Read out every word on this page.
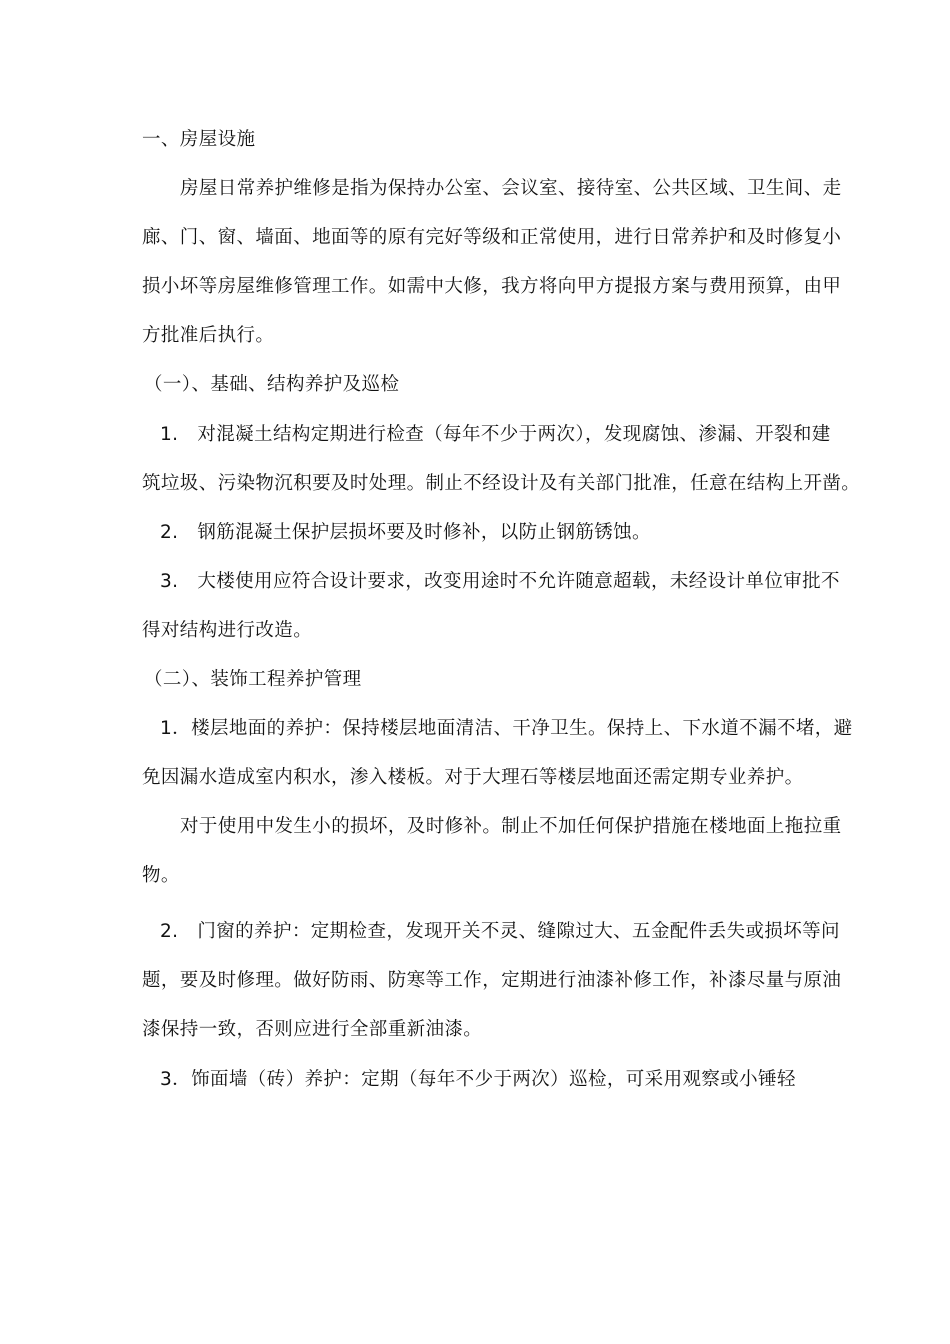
一、房屋设施
房屋日常养护维修是指为保持办公室、会议室、接待室、公共区域、卫生间、走
廊、门、窗、墙面、地面等的原有完好等级和正常使用，进行日常养护和及时修复小
损小坏等房屋维修管理工作。如需中大修，我方将向甲方提报方案与费用预算，由甲
方批准后执行。
（一）、基础、结构养护及巡检
1.　对混凝土结构定期进行检查（每年不少于两次），发现腐蚀、渗漏、开裂和建
筑垃圾、污染物沉积要及时处理。制止不经设计及有关部门批准，任意在结构上开凿。
2.　钢筋混凝土保护层损坏要及时修补，以防止钢筋锈蚀。
3.　大楼使用应符合设计要求，改变用途时不允许随意超载，未经设计单位审批不
得对结构进行改造。
（二）、装饰工程养护管理
1．楼层地面的养护：保持楼层地面清洁、干净卫生。保持上、下水道不漏不堵，避
免因漏水造成室内积水，渗入楼板。对于大理石等楼层地面还需定期专业养护。
对于使用中发生小的损坏，及时修补。制止不加任何保护措施在楼地面上拖拉重
物。
2.　门窗的养护：定期检查，发现开关不灵、缝隙过大、五金配件丢失或损坏等问
题，要及时修理。做好防雨、防寒等工作，定期进行油漆补修工作，补漆尽量与原油
漆保持一致，否则应进行全部重新油漆。
3．饰面墙（砖）养护：定期（每年不少于两次）巡检，可采用观察或小锤轻
